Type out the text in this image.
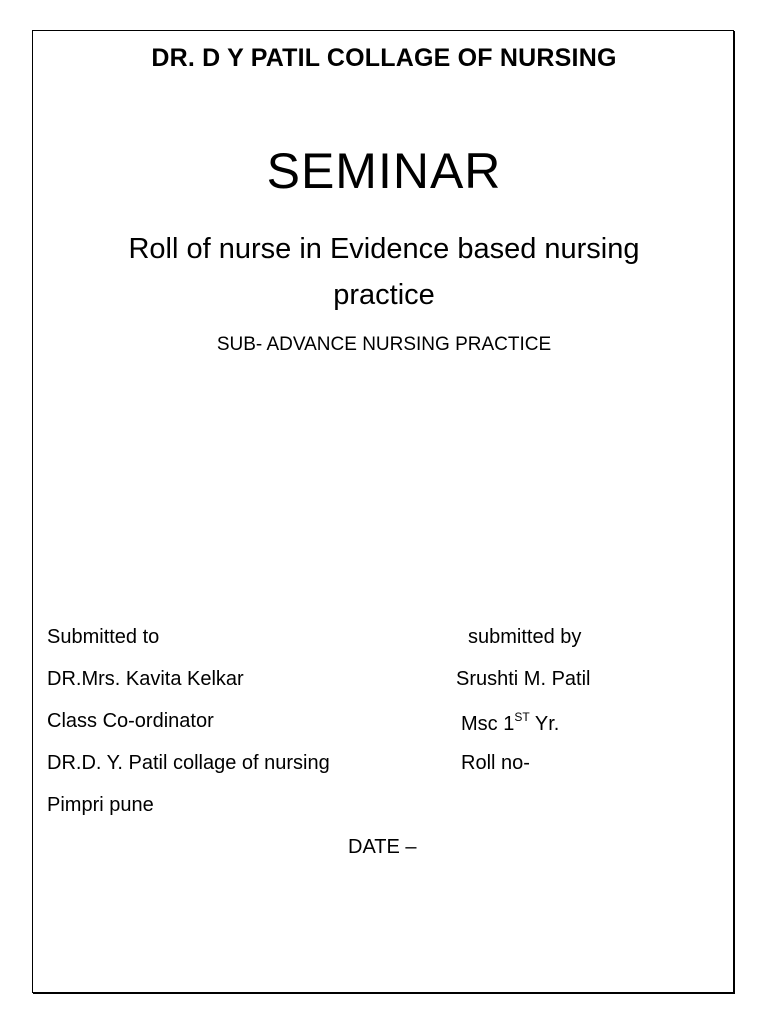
DR. D Y PATIL COLLAGE OF NURSING
SEMINAR
Roll of nurse in Evidence based nursing
practice
SUB- ADVANCE NURSING PRACTICE
Submitted to
DR.Mrs. Kavita Kelkar
Class Co-ordinator
DR.D. Y. Patil collage of nursing
Pimpri pune
submitted by
Srushti M. Patil
Msc 1ST Yr.
Roll no-
DATE –
